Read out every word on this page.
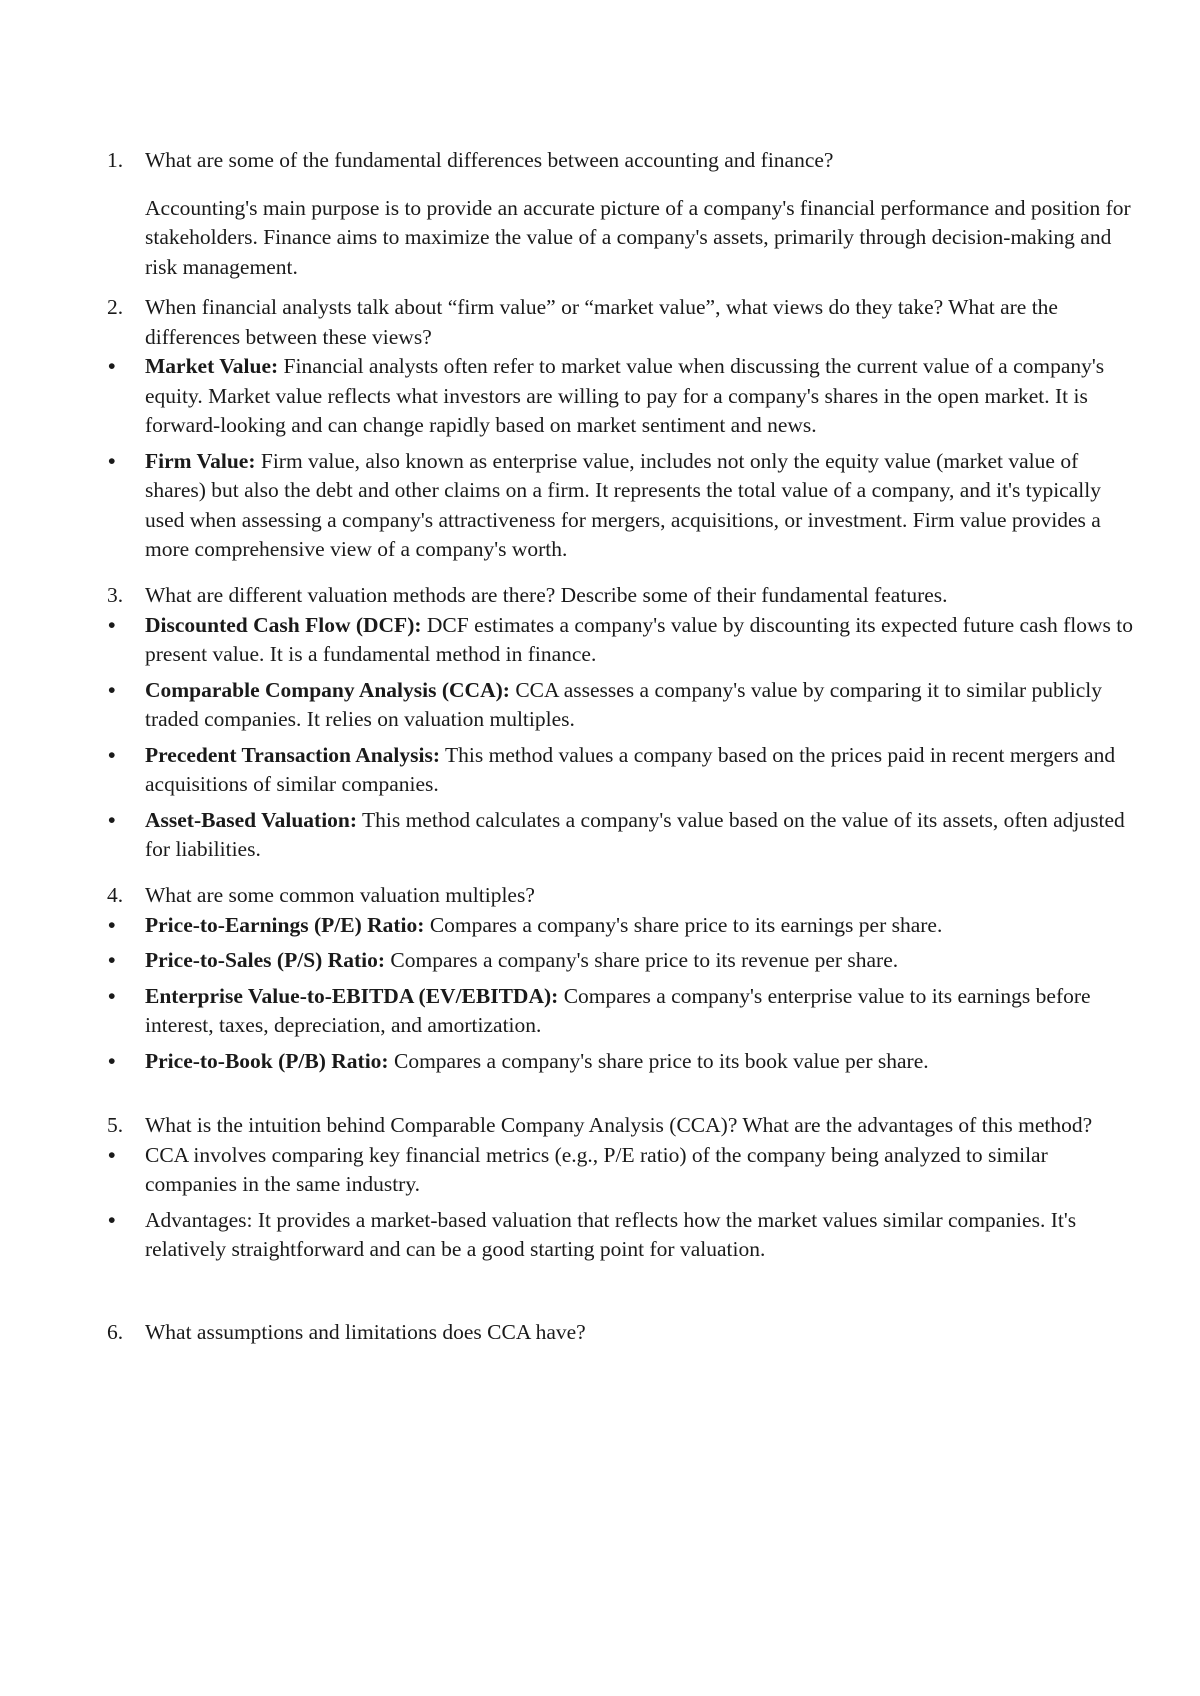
1. What are some of the fundamental differences between accounting and finance?

Accounting's main purpose is to provide an accurate picture of a company's financial performance and position for stakeholders. Finance aims to maximize the value of a company's assets, primarily through decision-making and risk management.

2. When financial analysts talk about “firm value” or “market value”, what views do they take? What are the differences between these views?
• Market Value: Financial analysts often refer to market value when discussing the current value of a company's equity. Market value reflects what investors are willing to pay for a company's shares in the open market. It is forward-looking and can change rapidly based on market sentiment and news.
• Firm Value: Firm value, also known as enterprise value, includes not only the equity value (market value of shares) but also the debt and other claims on a firm. It represents the total value of a company, and it's typically used when assessing a company's attractiveness for mergers, acquisitions, or investment. Firm value provides a more comprehensive view of a company's worth.
3. What are different valuation methods are there? Describe some of their fundamental features.
• Discounted Cash Flow (DCF): DCF estimates a company's value by discounting its expected future cash flows to present value. It is a fundamental method in finance.
• Comparable Company Analysis (CCA): CCA assesses a company's value by comparing it to similar publicly traded companies. It relies on valuation multiples.
• Precedent Transaction Analysis: This method values a company based on the prices paid in recent mergers and acquisitions of similar companies.
• Asset-Based Valuation: This method calculates a company's value based on the value of its assets, often adjusted for liabilities.
4. What are some common valuation multiples?
• Price-to-Earnings (P/E) Ratio: Compares a company's share price to its earnings per share.
• Price-to-Sales (P/S) Ratio: Compares a company's share price to its revenue per share.
• Enterprise Value-to-EBITDA (EV/EBITDA): Compares a company's enterprise value to its earnings before interest, taxes, depreciation, and amortization.
• Price-to-Book (P/B) Ratio: Compares a company's share price to its book value per share.
5. What is the intuition behind Comparable Company Analysis (CCA)? What are the advantages of this method?
• CCA involves comparing key financial metrics (e.g., P/E ratio) of the company being analyzed to similar companies in the same industry.
• Advantages: It provides a market-based valuation that reflects how the market values similar companies. It's relatively straightforward and can be a good starting point for valuation.
6. What assumptions and limitations does CCA have?
